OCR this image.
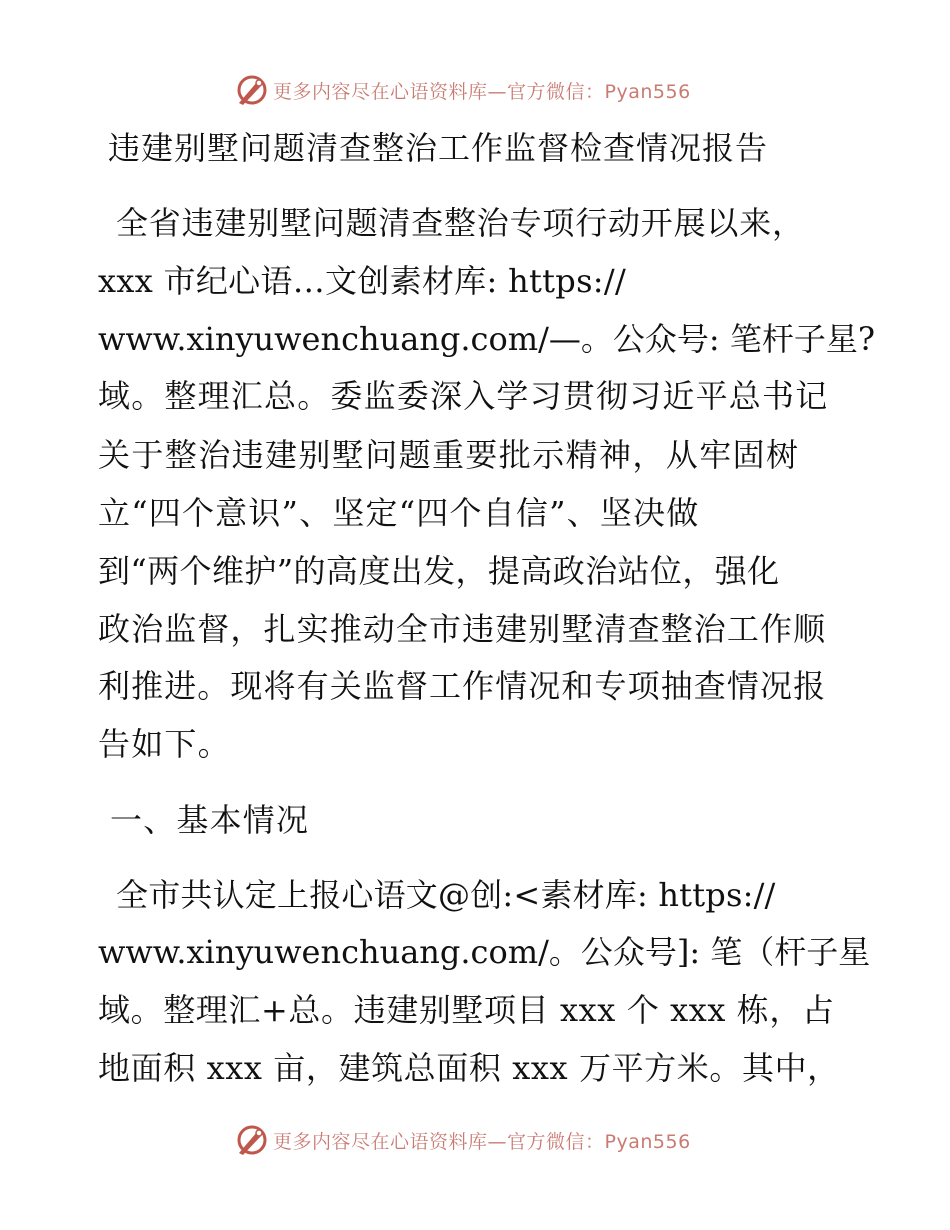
更多内容尽在心语资料库—官方微信：Pyan556
违建别墅问题清查整治工作监督检查情况报告
全省违建别墅问题清查整治专项行动开展以来，
xxx 市纪心语…文创素材库: https://
www.xinyuwenchuang.com/—。公众号: 笔杆子星?
域。整理汇总。委监委深入学习贯彻习近平总书记
关于整治违建别墅问题重要批示精神，从牢固树
立“四个意识”、坚定“四个自信”、坚决做
到“两个维护”的高度出发，提高政治站位，强化
政治监督，扎实推动全市违建别墅清查整治工作顺
利推进。现将有关监督工作情况和专项抽查情况报
告如下。
一、基本情况
全市共认定上报心语文@创:<素材库: https://
www.xinyuwenchuang.com/。公众号]: 笔（杆子星
域。整理汇+总。违建别墅项目 xxx 个 xxx 栋，占
地面积 xxx 亩，建筑总面积 xxx 万平方米。其中，
更多内容尽在心语资料库—官方微信：Pyan556
